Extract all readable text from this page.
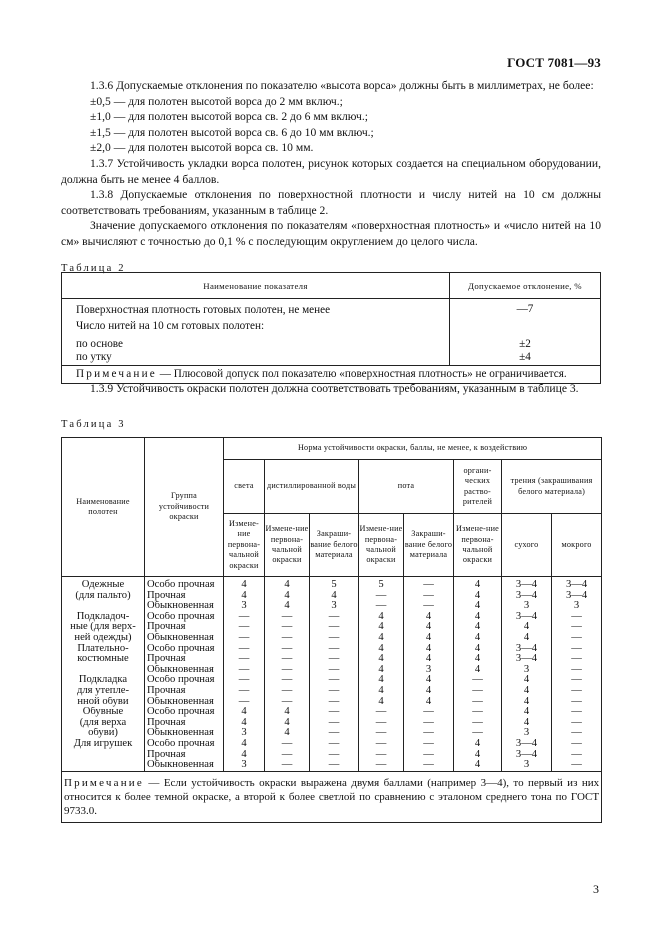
ГОСТ 7081—93

1.3.6 Допускаемые отклонения по показателю «высота ворса» должны быть в миллиметрах, не более:

±0,5 — для полотен высотой ворса до 2 мм включ.;

±1,0 — для полотен высотой ворса св. 2 до 6 мм включ.;

±1,5 — для полотен высотой ворса св. 6 до 10 мм включ.;

±2,0 — для полотен высотой ворса св. 10 мм.

1.3.7 Устойчивость укладки ворса полотен, рисунок которых создается на специальном оборудовании, должна быть не менее 4 баллов.

1.3.8 Допускаемые отклонения по поверхностной плотности и числу нитей на 10 см должны соответствовать требованиям, указанным в таблице 2.

Значение допускаемого отклонения по показателям «поверхностная плотность» и «число нитей на 10 см» вычисляют с точностью до 0,1 % с последующим округлением до целого числа.

Таблица 2

Наименование показателя	Допускаемое отклонение, %
Поверхностная плотность готовых полотен, не менее	—7
Число нитей на 10 см готовых полотен:	
по основе	±2
по утку	±4
Примечание — Плюсовой допуск пол показателю «поверхностная плотность» не ограничивается.	

1.3.9 Устойчивость окраски полотен должна соответствовать требованиям, указанным в таблице 3.

Таблица 3

Наименование полотен	Группа устойчивости окраски	Норма устойчивости окраски, баллы, не менее, к воздействию							
		света	дистиллированной воды		пота		органи-ческих раство-рителей	трения (закрашивания белого материала)	
		Измене-ние первона-чальной окраски	Измене-ние первона-чальной окраски	Закраши-вание белого материала	Измене-ние первона-чальной окраски	Закраши-вание белого материала	Измене-ние первона-чальной окраски	сухого	мокрого
Одежные	Особо прочная	4	4	5	5	—	4	3—4	3—4
(для пальто)	Прочная	4	4	4	—	—	4	3—4	3—4
	Обыкновенная	3	4	3	—	—	4	3	3
Подкладоч-	Особо прочная	—	—	—	4	4	4	3—4	—
ные (для верх-	Прочная	—	—	—	4	4	4	4	—
ней одежды)	Обыкновенная	—	—	—	4	4	4	4	—
Плательно-	Особо прочная	—	—	—	4	4	4	3—4	—
костюмные	Прочная	—	—	—	4	4	4	3—4	—
	Обыкновенная	—	—	—	4	3	4	3	—
Подкладка	Особо прочная	—	—	—	4	4	—	4	—
для утепле-	Прочная	—	—	—	4	4	—	4	—
нной обуви	Обыкновенная	—	—	—	4	4	—	4	—
Обувные	Особо прочная	4	4	—	—	—	—	4	—
(для верха	Прочная	4	4	—	—	—	—	4	—
обуви)	Обыкновенная	3	4	—	—	—	—	3	—
Для игрушек	Особо прочная	4	—	—	—	—	4	3—4	—
	Прочная	4	—	—	—	—	4	3—4	—
	Обыкновенная	3	—	—	—	—	4	3	—
Примечание — Если устойчивость окраски выражена двумя баллами (например 3—4), то первый из них относится к более темной окраске, а второй к более светлой по сравнению с эталоном среднего тона по ГОСТ 9733.0.									
3
